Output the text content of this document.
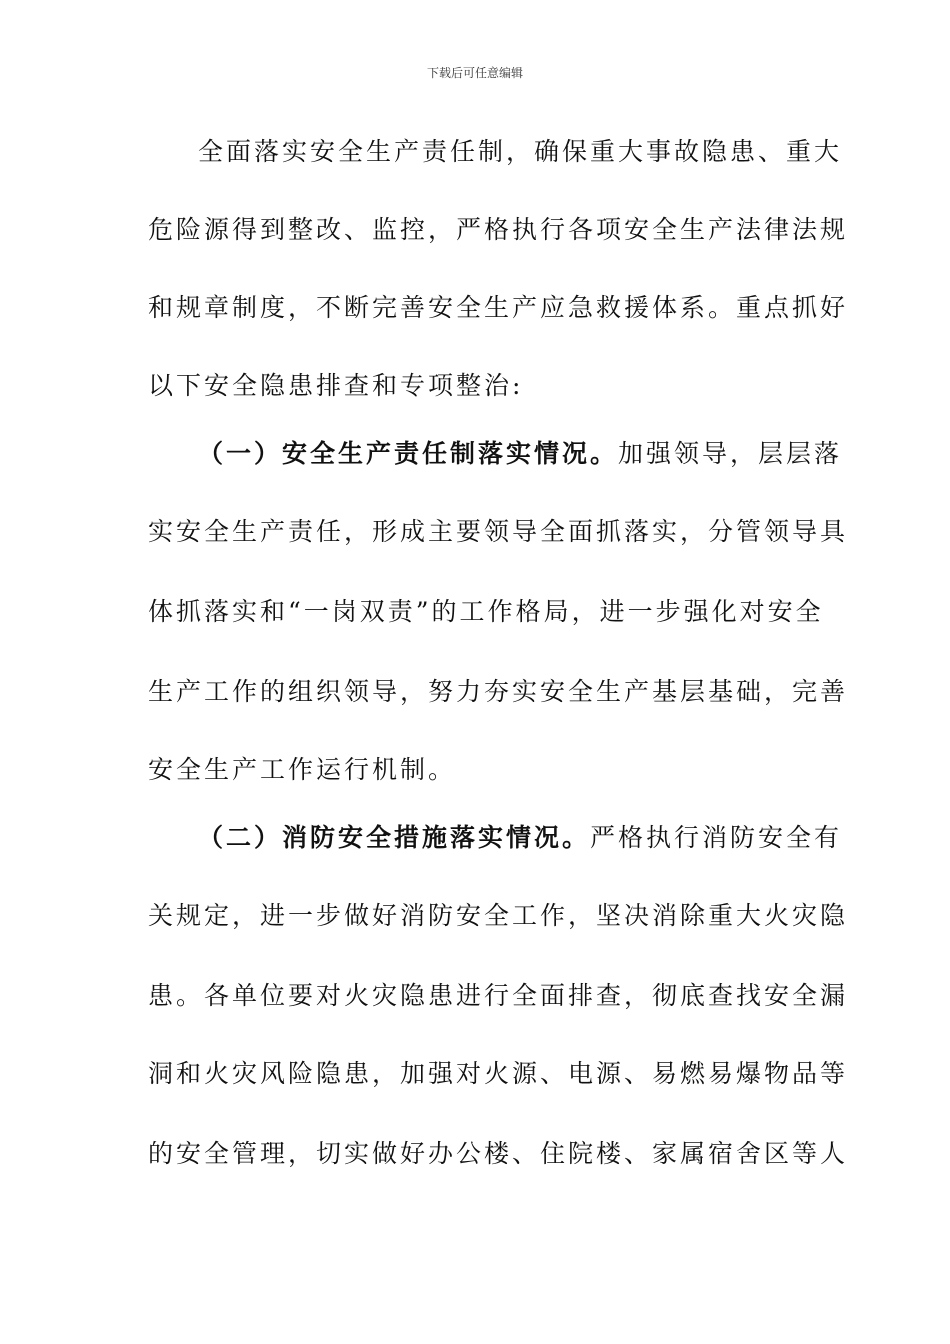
下载后可任意编辑
全面落实安全生产责任制，确保重大事故隐患、重大
危险源得到整改、监控，严格执行各项安全生产法律法规
和规章制度，不断完善安全生产应急救援体系。重点抓好
以下安全隐患排查和专项整治:
（一）安全生产责任制落实情况。加强领导，层层落
实安全生产责任，形成主要领导全面抓落实，分管领导具
体抓落实和“一岗双责”的工作格局，进一步强化对安全
生产工作的组织领导，努力夯实安全生产基层基础，完善
安全生产工作运行机制。
（二）消防安全措施落实情况。严格执行消防安全有
关规定，进一步做好消防安全工作，坚决消除重大火灾隐
患。各单位要对火灾隐患进行全面排查，彻底查找安全漏
洞和火灾风险隐患，加强对火源、电源、易燃易爆物品等
的安全管理，切实做好办公楼、住院楼、家属宿舍区等人
